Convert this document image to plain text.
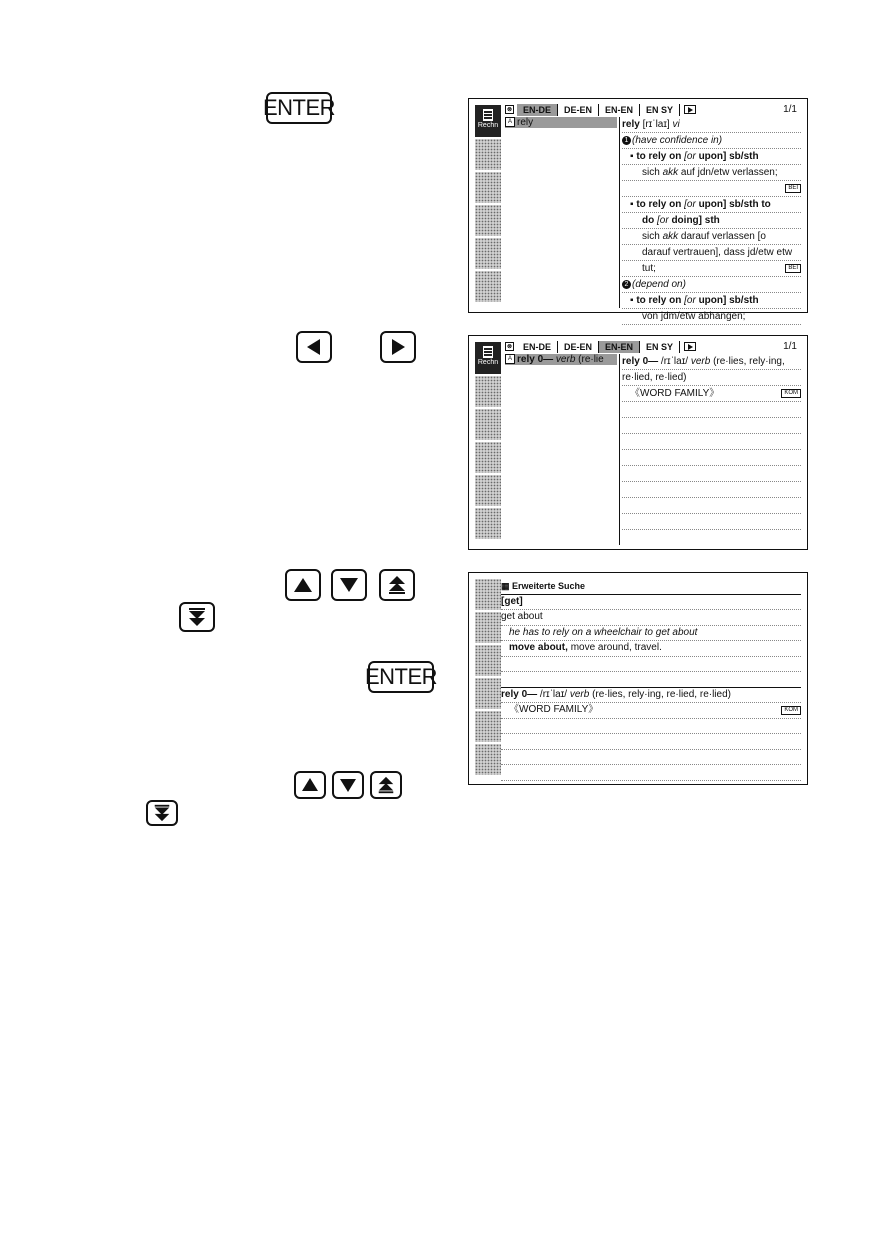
ENTER
ENTER
Rechn
⊗	EN-DE	DE-EN	EN-EN	EN SY	1/1
A rely	rely [rɪˈlaɪ] vi
1 (have confidence in)
▪ to rely on [or upon] sb/sth
sich akk auf jdn/etw verlassen;
BEI
▪ to rely on [or upon] sb/sth to
do [or doing] sth
sich akk darauf verlassen [o
darauf vertrauen], dass jd/etw etw
tut;	BEI
2 (depend on)
▪ to rely on [or upon] sb/sth
von jdm/etw abhängen;
Rechn
⊗	EN-DE	DE-EN	EN-EN	EN SY	1/1
A rely 0— verb (re·lie	rely 0— /rɪˈlaɪ/ verb (re·lies, rely·ing,
re·lied, re·lied)
《WORD FAMILY》	KOM
▦ Erweiterte Suche
[get]
get about
he has to rely on a wheelchair to get about
move about, move around, travel.
rely 0— /rɪˈlaɪ/ verb (re·lies, rely·ing, re·lied, re·lied)
《WORD FAMILY》	KOM
